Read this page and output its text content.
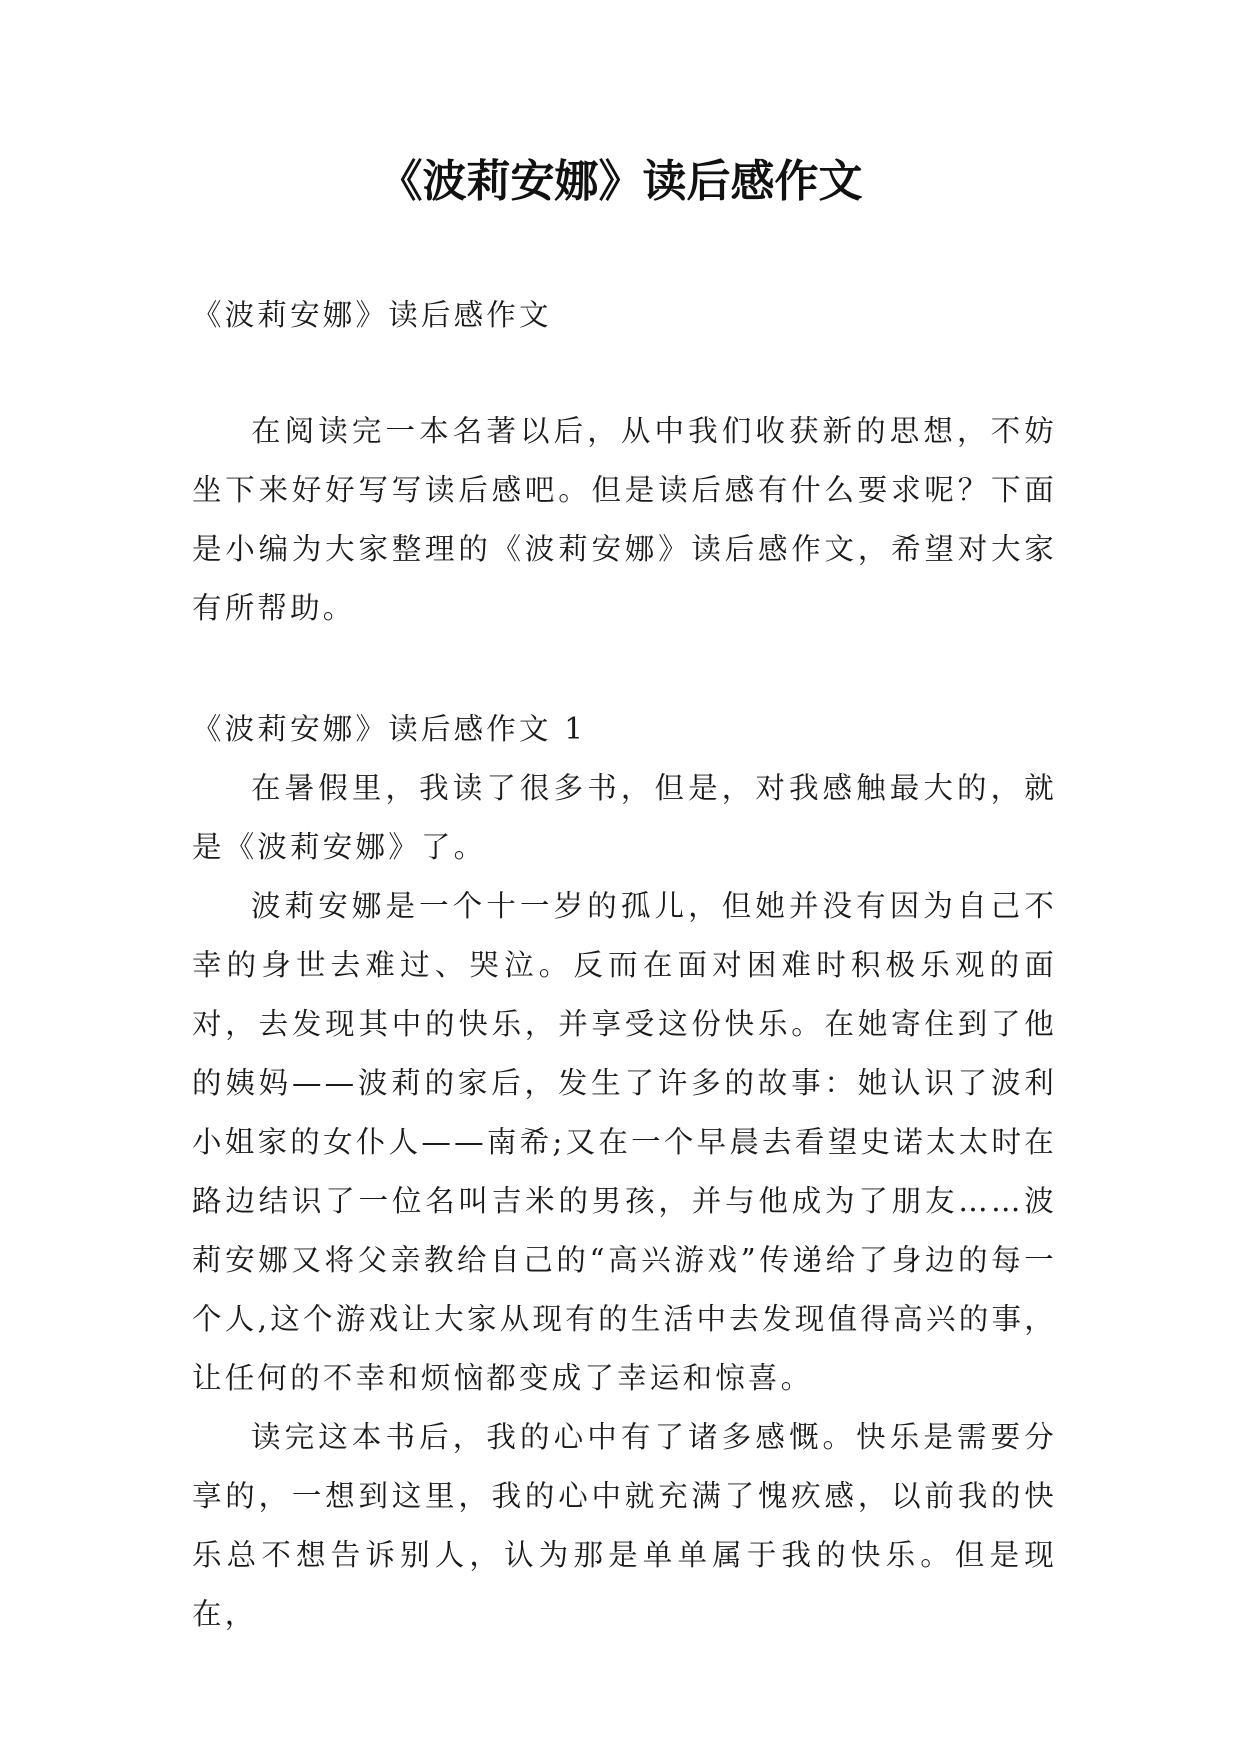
《波莉安娜》读后感作文

《波莉安娜》读后感作文

在阅读完一本名著以后，从中我们收获新的思想，不妨坐下来好好写写读后感吧。但是读后感有什么要求呢？下面是小编为大家整理的《波莉安娜》读后感作文，希望对大家有所帮助。

《波莉安娜》读后感作文 1

在暑假里，我读了很多书，但是，对我感触最大的，就是《波莉安娜》了。

波莉安娜是一个十一岁的孤儿，但她并没有因为自己不幸的身世去难过、哭泣。反而在面对困难时积极乐观的面对，去发现其中的快乐，并享受这份快乐。在她寄住到了他的姨妈——波莉的家后，发生了许多的故事：她认识了波利小姐家的女仆人——南希;又在一个早晨去看望史诺太太时在路边结识了一位名叫吉米的男孩，并与他成为了朋友……波莉安娜又将父亲教给自己的“高兴游戏”传递给了身边的每一个人,这个游戏让大家从现有的生活中去发现值得高兴的事，让任何的不幸和烦恼都变成了幸运和惊喜。

读完这本书后，我的心中有了诸多感慨。快乐是需要分享的，一想到这里，我的心中就充满了愧疚感，以前我的快乐总不想告诉别人，认为那是单单属于我的快乐。但是现在，
